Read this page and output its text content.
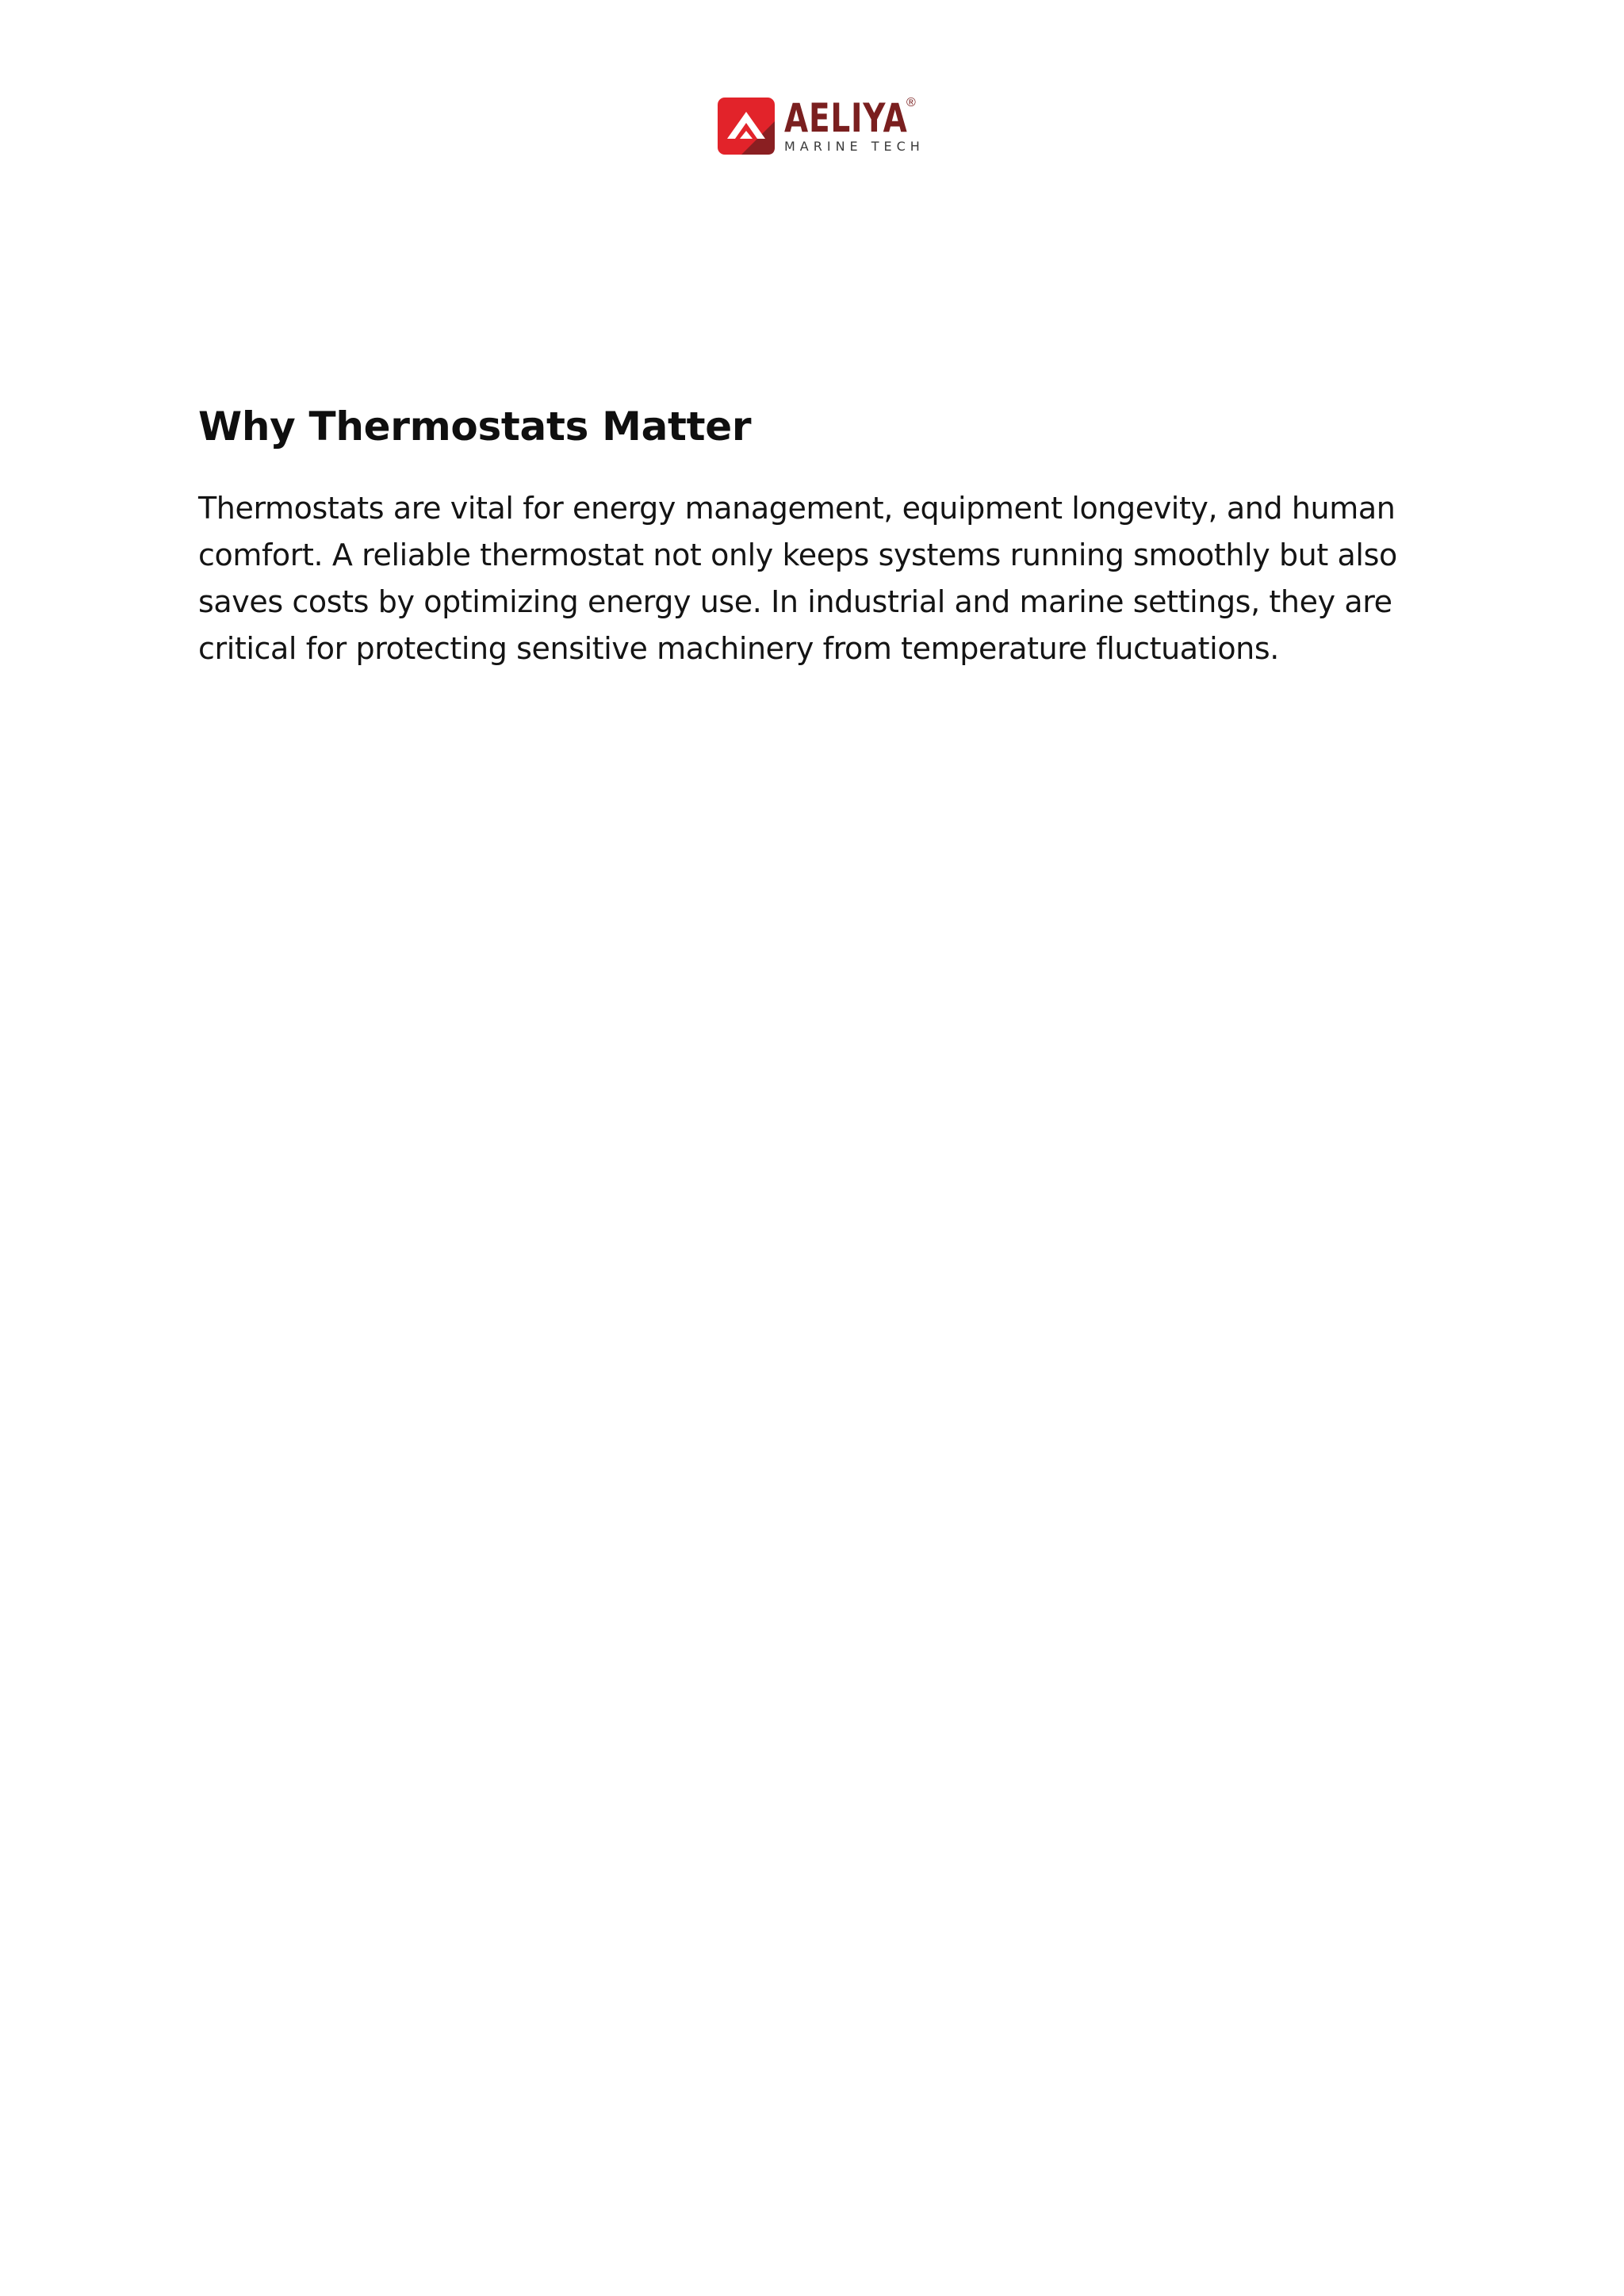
AELIYA
®
MARINE TECH
Why Thermostats Matter

Thermostats are vital for energy management, equipment longevity, and human comfort. A reliable thermostat not only keeps systems running smoothly but also saves costs by optimizing energy use. In industrial and marine settings, they are critical for protecting sensitive machinery from temperature fluctuations.
